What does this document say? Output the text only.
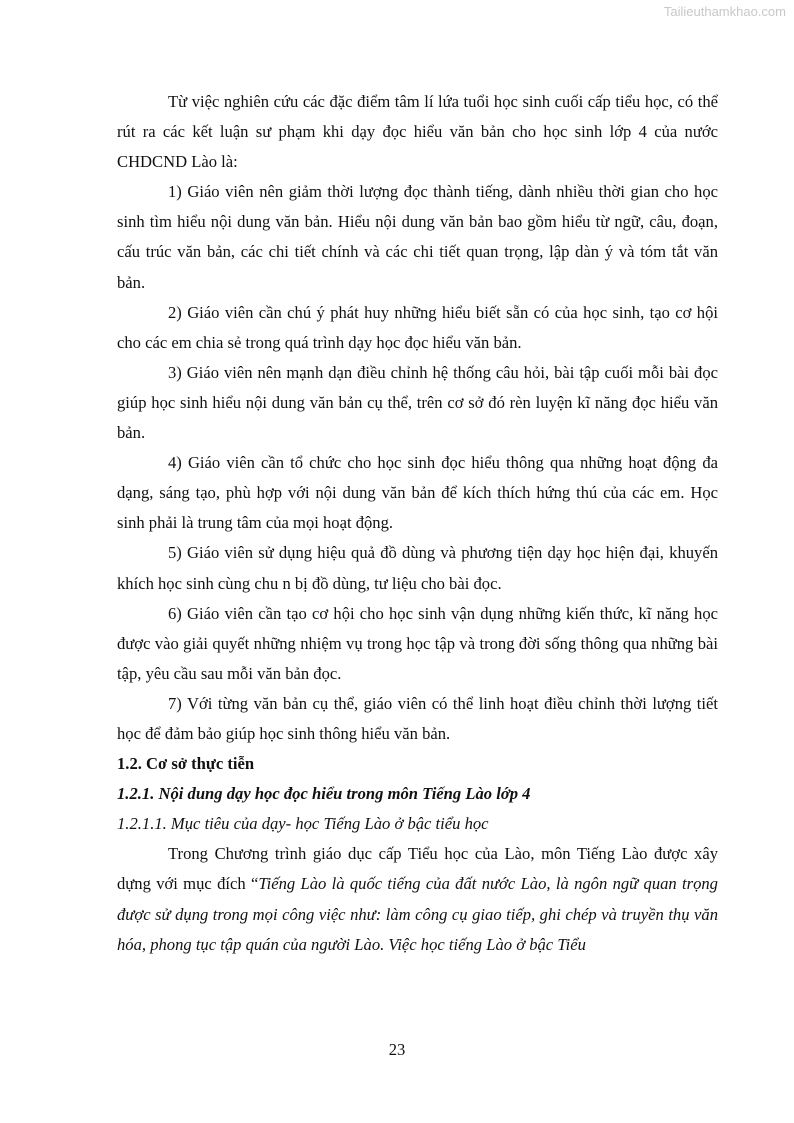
Tailieuthamkhao.com

Từ việc nghiên cứu các đặc điểm tâm lí lứa tuổi học sinh cuối cấp tiểu học, có thể rút ra các kết luận sư phạm khi dạy đọc hiểu văn bản cho học sinh lớp 4 của nước CHDCND Lào là:

1) Giáo viên nên giảm thời lượng đọc thành tiếng, dành nhiều thời gian cho học sinh tìm hiểu nội dung văn bản. Hiểu nội dung văn bản bao gồm hiểu từ ngữ, câu, đoạn, cấu trúc văn bản, các chi tiết chính và các chi tiết quan trọng, lập dàn ý và tóm tắt văn bản.

2) Giáo viên cần chú ý phát huy những hiểu biết sẵn có của học sinh, tạo cơ hội cho các em chia sẻ trong quá trình dạy học đọc hiểu văn bản.

3) Giáo viên nên mạnh dạn điều chỉnh hệ thống câu hỏi, bài tập cuối mỗi bài đọc giúp học sinh hiểu nội dung văn bản cụ thể, trên cơ sở đó rèn luyện kĩ năng đọc hiểu văn bản.

4) Giáo viên cần tổ chức cho học sinh đọc hiểu thông qua những hoạt động đa dạng, sáng tạo, phù hợp với nội dung văn bản để kích thích hứng thú của các em. Học sinh phải là trung tâm của mọi hoạt động.

5) Giáo viên sử dụng hiệu quả đồ dùng và phương tiện dạy học hiện đại, khuyến khích học sinh cùng chu n bị đồ dùng, tư liệu cho bài đọc.

6) Giáo viên cần tạo cơ hội cho học sinh vận dụng những kiến thức, kĩ năng học được vào giải quyết những nhiệm vụ trong học tập và trong đời sống thông qua những bài tập, yêu cầu sau mỗi văn bản đọc.

7) Với từng văn bản cụ thể, giáo viên có thể linh hoạt điều chỉnh thời lượng tiết học để đảm bảo giúp học sinh thông hiểu văn bản.

1.2. Cơ sở thực tiễn

1.2.1. Nội dung dạy học đọc hiểu trong môn Tiếng Lào lớp 4

1.2.1.1. Mục tiêu của dạy- học Tiếng Lào ở bậc tiểu học

Trong Chương trình giáo dục cấp Tiểu học của Lào, môn Tiếng Lào được xây dựng với mục đích “Tiếng Lào là quốc tiếng của đất nước Lào, là ngôn ngữ quan trọng được sử dụng trong mọi công việc như: làm công cụ giao tiếp, ghi chép và truyền thụ văn hóa, phong tục tập quán của người Lào. Việc học tiếng Lào ở bậc Tiểu

23
